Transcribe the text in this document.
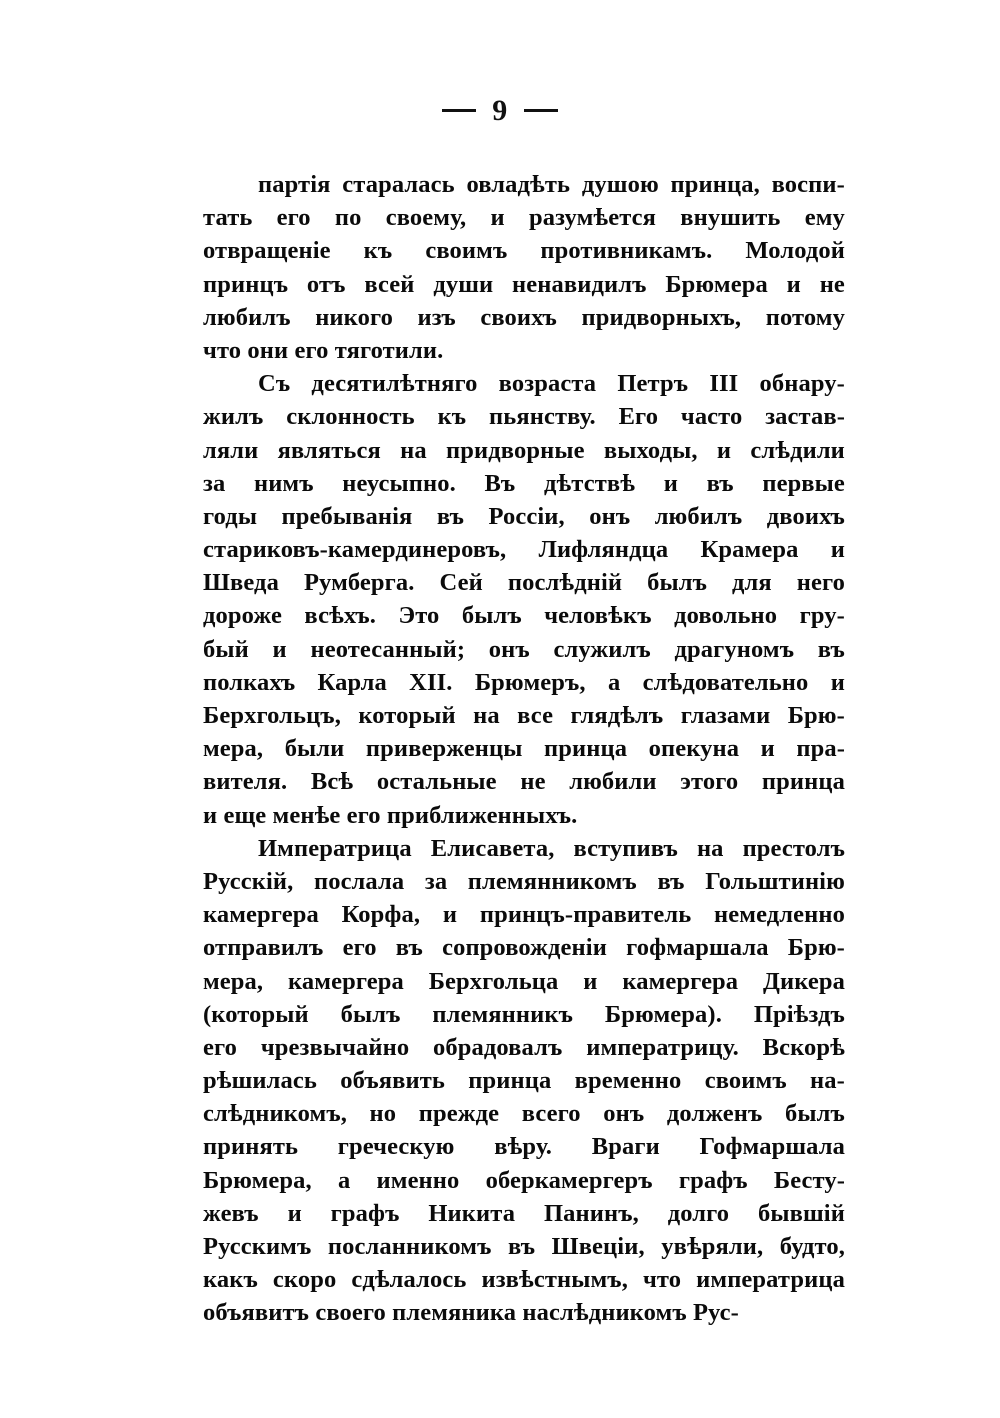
9
партія старалась овладѣть душою принца, воспи-
тать его по своему, и разумѣется внушить ему
отвращеніе къ своимъ противникамъ. Молодой
принцъ отъ всей души ненавидилъ Брюмера и не
любилъ никого изъ своихъ придворныхъ, потому
что они его тяготили.
Съ десятилѣтняго возраста Петръ III обнару-
жилъ склонность къ пьянству. Его часто застав-
ляли являться на придворные выходы, и слѣдили
за нимъ неусыпно. Въ дѣтствѣ и въ первые
годы пребыванія въ Россіи, онъ любилъ двоихъ
стариковъ-камердинеровъ, Лифляндца Крамера и
Шведа Румберга. Сей послѣдній былъ для него
дороже всѣхъ. Это былъ человѣкъ довольно гру-
бый и неотесанный; онъ служилъ драгуномъ въ
полкахъ Карла XII. Брюмеръ, а слѣдовательно и
Берхгольцъ, который на все глядѣлъ глазами Брю-
мера, были приверженцы принца опекуна и пра-
вителя. Всѣ остальные не любили этого принца
и еще менѣе его приближенныхъ.
Императрица Елисавета, вступивъ на престолъ
Русскій, послала за племянникомъ въ Гольштинію
камергера Корфа, и принцъ-правитель немедленно
отправилъ его въ сопровожденіи гофмаршала Брю-
мера, камергера Берхгольца и камергера Дикера
(который былъ племянникъ Брюмера). Пріѣздъ
его чрезвычайно обрадовалъ императрицу. Вскорѣ
рѣшилась объявить принца временно своимъ на-
слѣдникомъ, но прежде всего онъ долженъ былъ
принять греческую вѣру. Враги Гофмаршала
Брюмера, а именно оберкамергеръ графъ Бесту-
жевъ и графъ Никита Панинъ, долго бывшій
Русскимъ посланникомъ въ Швеціи, увѣряли, будто,
какъ скоро сдѣлалось извѣстнымъ, что императрица
объявитъ своего племяника наслѣдникомъ Рус-
